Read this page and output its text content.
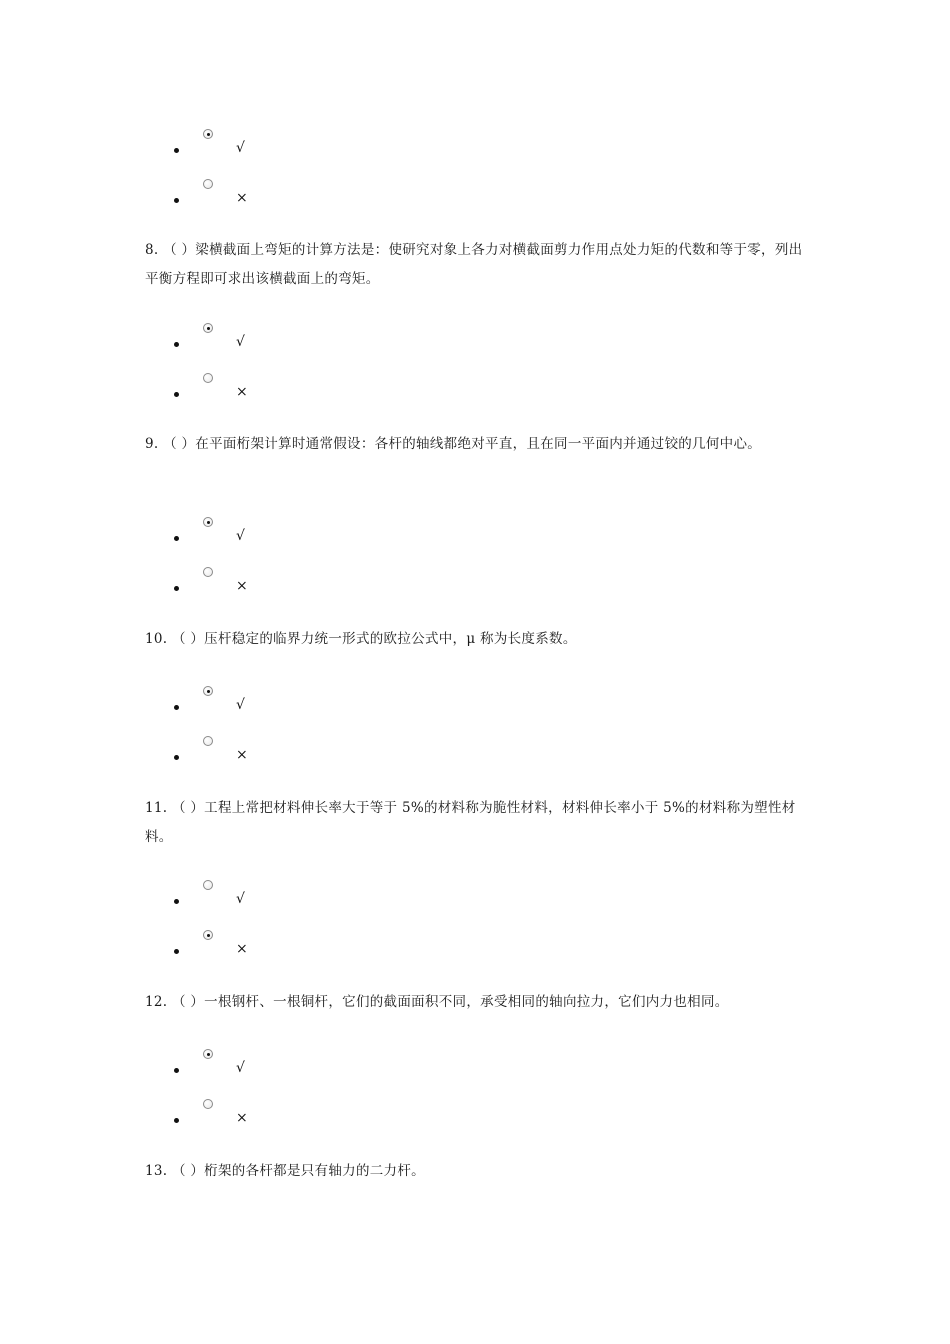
√
×
8. （ ）梁横截面上弯矩的计算方法是：使研究对象上各力对横截面剪力作用点处力矩的代数和等于零，列出平衡方程即可求出该横截面上的弯矩。
√
×
9. （ ）在平面桁架计算时通常假设：各杆的轴线都绝对平直，且在同一平面内并通过铰的几何中心。
√
×
10. （ ）压杆稳定的临界力统一形式的欧拉公式中，μ 称为长度系数。
√
×
11. （ ）工程上常把材料伸长率大于等于 5%的材料称为脆性材料，材料伸长率小于 5%的材料称为塑性材料。
√
×
12. （ ）一根钢杆、一根铜杆，它们的截面面积不同，承受相同的轴向拉力，它们内力也相同。
√
×
13. （ ）桁架的各杆都是只有轴力的二力杆。
